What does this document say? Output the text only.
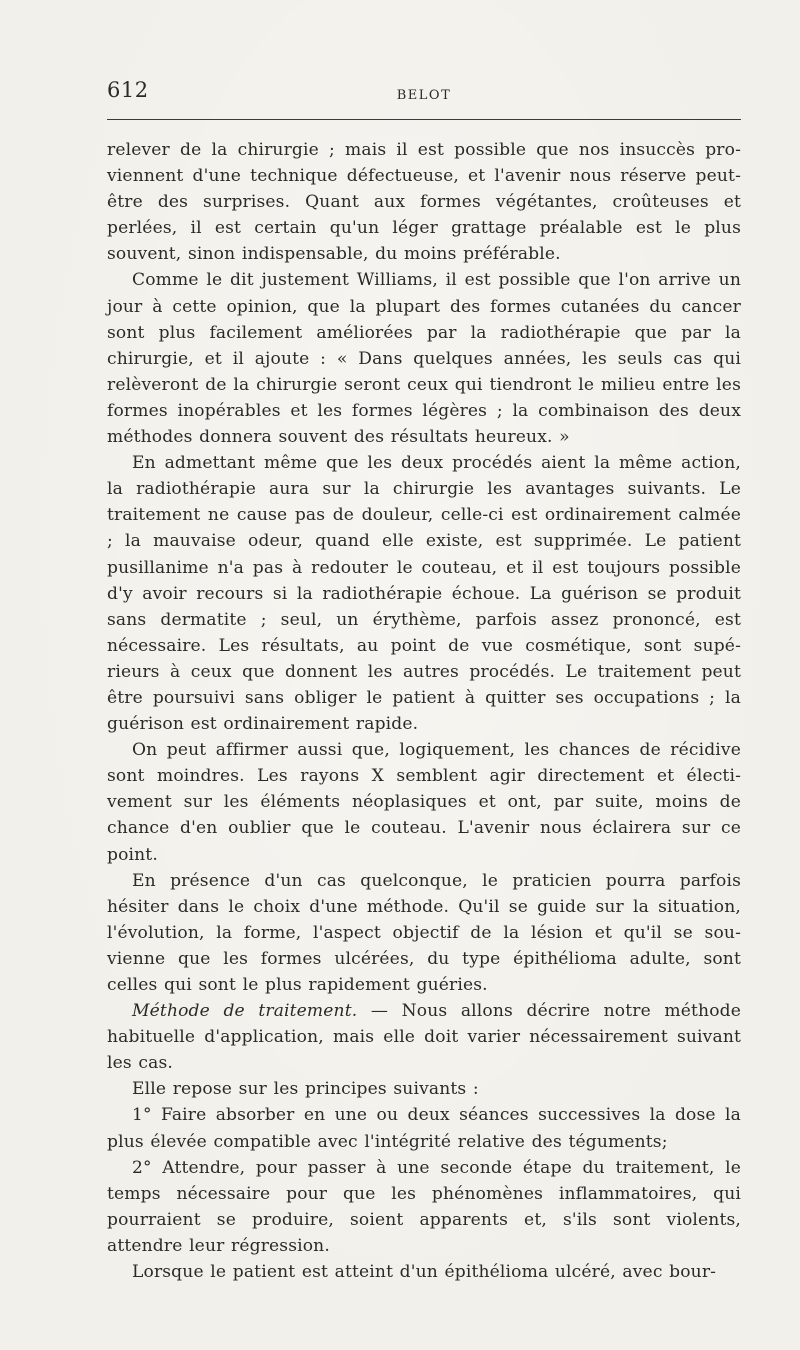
612	BELOT

relever de la chirurgie ; mais il est possible que nos insuccès pro- viennent d'une technique défectueuse, et l'avenir nous réserve peut- être des surprises. Quant aux formes végétantes, croûteuses et perlées, il est certain qu'un léger grattage préalable est le plus souvent, sinon indispensable, du moins préférable.

Comme le dit justement Williams, il est possible que l'on arrive un jour à cette opinion, que la plupart des formes cutanées du cancer sont plus facilement améliorées par la radiothérapie que par la chirurgie, et il ajoute : « Dans quelques années, les seuls cas qui relèveront de la chirurgie seront ceux qui tiendront le milieu entre les formes inopérables et les formes légères ; la combinaison des deux méthodes donnera souvent des résultats heureux. »

En admettant même que les deux procédés aient la même action, la radiothérapie aura sur la chirurgie les avantages suivants. Le traitement ne cause pas de douleur, celle-ci est ordinairement calmée ; la mauvaise odeur, quand elle existe, est supprimée. Le patient pusillanime n'a pas à redouter le couteau, et il est toujours possible d'y avoir recours si la radiothérapie échoue. La guérison se produit sans dermatite ; seul, un érythème, parfois assez prononcé, est nécessaire. Les résultats, au point de vue cosmétique, sont supé- rieurs à ceux que donnent les autres procédés. Le traitement peut être poursuivi sans obliger le patient à quitter ses occupations ; la guérison est ordinairement rapide.

On peut affirmer aussi que, logiquement, les chances de récidive sont moindres. Les rayons X semblent agir directement et électi- vement sur les éléments néoplasiques et ont, par suite, moins de chance d'en oublier que le couteau. L'avenir nous éclairera sur ce point.

En présence d'un cas quelconque, le praticien pourra parfois hésiter dans le choix d'une méthode. Qu'il se guide sur la situation, l'évolution, la forme, l'aspect objectif de la lésion et qu'il se sou- vienne que les formes ulcérées, du type épithélioma adulte, sont celles qui sont le plus rapidement guéries.

Méthode de traitement. — Nous allons décrire notre méthode habituelle d'application, mais elle doit varier nécessairement suivant les cas.

Elle repose sur les principes suivants :

1° Faire absorber en une ou deux séances successives la dose la plus élevée compatible avec l'intégrité relative des téguments;

2° Attendre, pour passer à une seconde étape du traitement, le temps nécessaire pour que les phénomènes inflammatoires, qui pourraient se produire, soient apparents et, s'ils sont violents, attendre leur régression.

Lorsque le patient est atteint d'un épithélioma ulcéré, avec bour-
